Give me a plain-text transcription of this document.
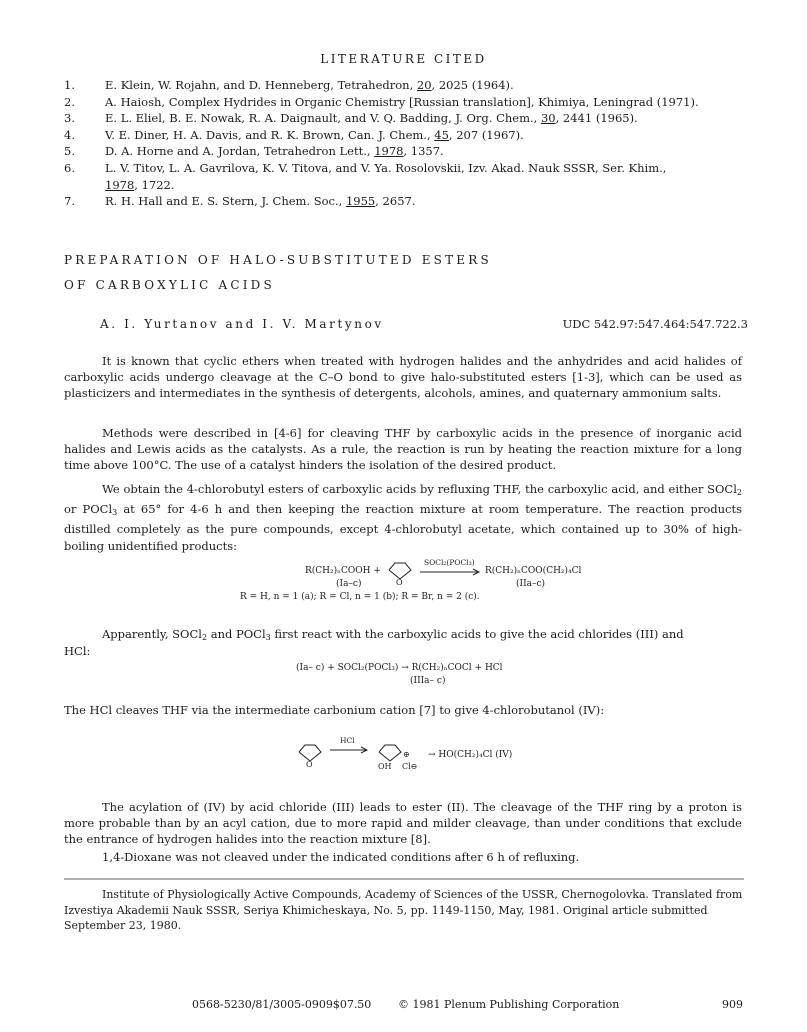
LITERATURE CITED
1.	E. Klein, W. Rojahn, and D. Henneberg, Tetrahedron, 20, 2025 (1964).
2.	A. Haiosh, Complex Hydrides in Organic Chemistry [Russian translation], Khimiya, Leningrad (1971).
3.	E. L. Eliel, B. E. Nowak, R. A. Daignault, and V. Q. Badding, J. Org. Chem., 30, 2441 (1965).
4.	V. E. Diner, H. A. Davis, and R. K. Brown, Can. J. Chem., 45, 207 (1967).
5.	D. A. Horne and A. Jordan, Tetrahedron Lett., 1978, 1357.
6.	L. V. Titov, L. A. Gavrilova, K. V. Titova, and V. Ya. Rosolovskii, Izv. Akad. Nauk SSSR, Ser. Khim.,
1978, 1722.
7.	R. H. Hall and E. S. Stern, J. Chem. Soc., 1955, 2657.
PREPARATION OF HALO-SUBSTITUTED ESTERS
OF CARBOXYLIC ACIDS
A. I. Yurtanov and I. V. Martynov	UDC 542.97:547.464:547.722.3

It is known that cyclic ethers when treated with hydrogen halides and the anhydrides and acid halides of carboxylic acids undergo cleavage at the C–O bond to give halo-substituted esters [1-3], which can be used as plasticizers and intermediates in the synthesis of detergents, alcohols, amines, and quaternary ammonium salts.

Methods were described in [4-6] for cleaving THF by carboxylic acids in the presence of inorganic acid halides and Lewis acids as the catalysts. As a rule, the reaction is run by heating the reaction mixture for a long time above 100°C. The use of a catalyst hinders the isolation of the desired product.

We obtain the 4-chlorobutyl esters of carboxylic acids by refluxing THF, the carboxylic acid, and either SOCl$_2$ or POCl$_3$ at 65° for 4-6 h and then keeping the reaction mixture at room temperature. The reaction products distilled completely as the pure compounds, except 4-chlorobutyl acetate, which contained up to 30% of high-boiling unidentified products:

R(CH₂)ₙCOOH +
(Ia–c)	O
SOCl₂(POCl₃)
R(CH₂)ₙCOO(CH₂)₄Cl
(IIa–c)
R = H, n = 1 (a); R = Cl, n = 1 (b); R = Br, n = 2 (c).

Apparently, SOCl$_2$ and POCl$_3$ first react with the carboxylic acids to give the acid chlorides (III) and

HCl:

(Ia– c) + SOCl₂(POCl₃) → R(CH₂)ₙCOCl + HCl
(IIIa– c)

The HCl cleaves THF via the intermediate carbonium cation [7] to give 4-chlorobutanol (IV):

O
HCl
⊕
OH Cl⊖
→ HO(CH₂)₄Cl (IV)

The acylation of (IV) by acid chloride (III) leads to ester (II). The cleavage of the THF ring by a proton is more probable than by an acyl cation, due to more rapid and milder cleavage, than under conditions that exclude the entrance of hydrogen halides into the reaction mixture [8].

1,4-Dioxane was not cleaved under the indicated conditions after 6 h of refluxing.

Institute of Physiologically Active Compounds, Academy of Sciences of the USSR, Chernogolovka. Translated from Izvestiya Akademii Nauk SSSR, Seriya Khimicheskaya, No. 5, pp. 1149-1150, May, 1981. Original article submitted September 23, 1980.

0568-5230/81/3005-0909$07.50 © 1981 Plenum Publishing Corporation	909
